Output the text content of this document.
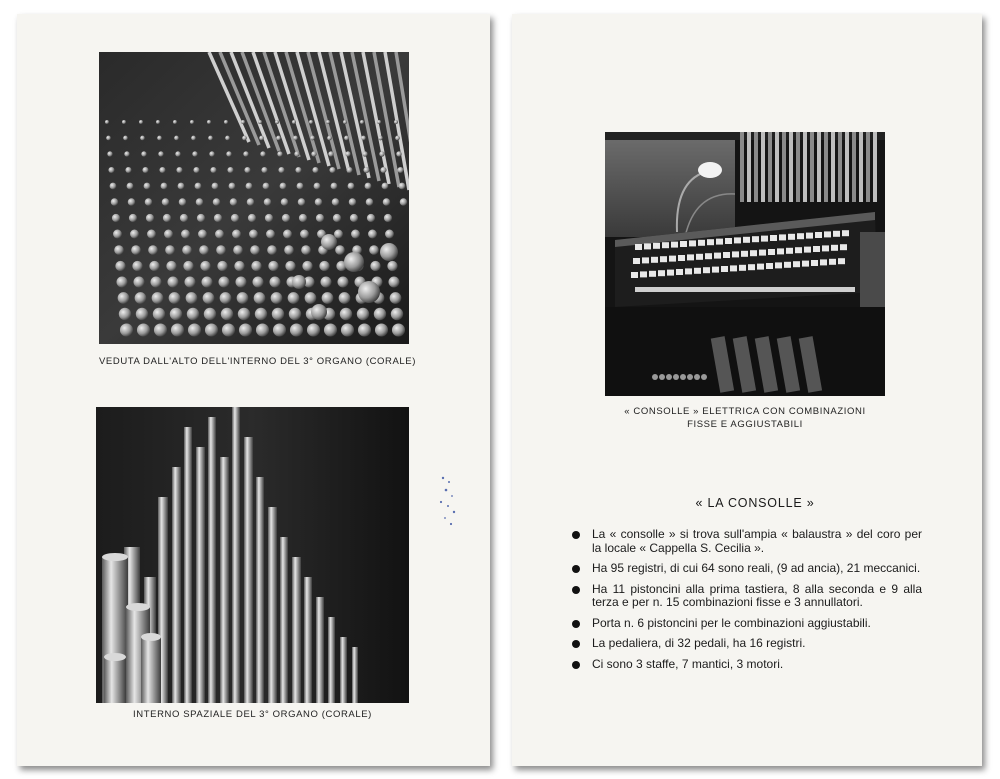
VEDUTA DALL'ALTO DELL'INTERNO DEL 3° ORGANO (CORALE)
INTERNO SPAZIALE DEL 3° ORGANO (CORALE)
« CONSOLLE » ELETTRICA CON COMBINAZIONI
FISSE E AGGIUSTABILI
« LA CONSOLLE »
La « consolle » si trova sull'ampia « balaustra » del coro per la locale « Cappella S. Cecilia ».
Ha 95 registri, di cui 64 sono reali, (9 ad ancia), 21 meccanici.
Ha 11 pistoncini alla prima tastiera, 8 alla seconda e 9 alla terza e per n. 15 combinazioni fisse e 3 annullatori.
Porta n. 6 pistoncini per le combinazioni aggiustabili.
La pedaliera, di 32 pedali, ha 16 registri.
Ci sono 3 staffe, 7 mantici, 3 motori.
